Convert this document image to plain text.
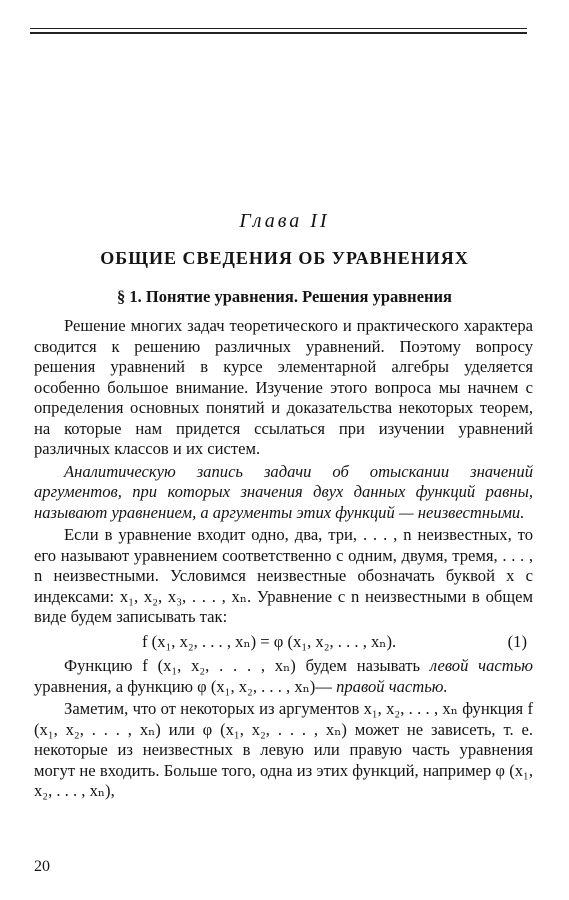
Глава II
ОБЩИЕ СВЕДЕНИЯ ОБ УРАВНЕНИЯХ
§ 1. Понятие уравнения. Решения уравнения

Решение многих задач теоретического и практического характера сводится к решению различных уравнений. Поэтому вопросу решения уравнений в курсе элементарной алгебры уделяется особенно большое внимание. Изучение этого вопроса мы начнем с определения основных понятий и доказательства некоторых теорем, на которые нам придется ссылаться при изучении уравнений различных классов и их систем.

Аналитическую запись задачи об отыскании значений аргументов, при которых значения двух данных функций равны, называют уравнением, а аргументы этих функций — неизвестными.

Если в уравнение входит одно, два, три, . . . , n неизвестных, то его называют уравнением соответственно с одним, двумя, тремя, . . . , n неизвестными. Условимся неизвестные обозначать буквой x с индексами: x₁, x₂, x₃, . . . , xₙ. Уравнение с n неизвестными в общем виде будем записывать так:

f (x₁, x₂, . . . , xₙ) = φ (x₁, x₂, . . . , xₙ).	(1)

Функцию f (x₁, x₂, . . . , xₙ) будем называть левой частью уравнения, а функцию φ (x₁, x₂, . . . , xₙ)— правой частью.

Заметим, что от некоторых из аргументов x₁, x₂, . . . , xₙ функция f (x₁, x₂, . . . , xₙ) или φ (x₁, x₂, . . . , xₙ) может не зависеть, т. е. некоторые из неизвестных в левую или правую часть уравнения могут не входить. Больше того, одна из этих функций, например φ (x₁, x₂, . . . , xₙ),

20
